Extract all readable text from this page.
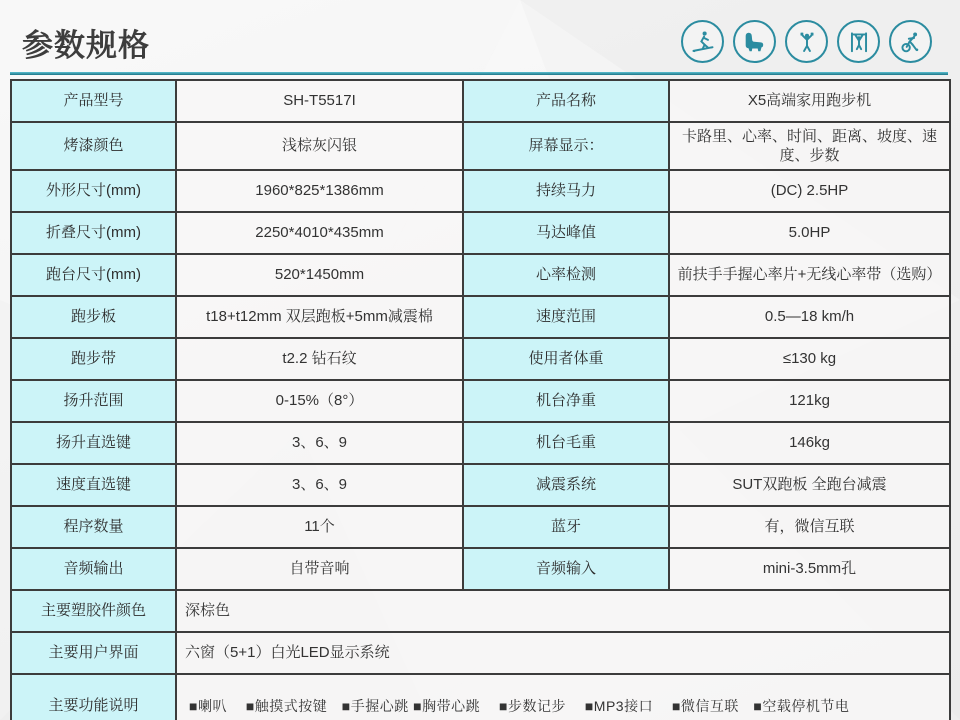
参数规格
产品型号	SH-T5517I	产品名称	X5高端家用跑步机
烤漆颜色	浅棕灰闪银	屏幕显示：	卡路里、心率、时间、距离、坡度、速度、步数
外形尺寸(mm)	1960*825*1386mm	持续马力	(DC) 2.5HP
折叠尺寸(mm)	2250*4010*435mm	马达峰值	5.0HP
跑台尺寸(mm)	520*1450mm	心率检测	前扶手手握心率片+无线心率带（选购）
跑步板	t18+t12mm 双层跑板+5mm减震棉	速度范围	0.5—18 km/h
跑步带	t2.2 钻石纹	使用者体重	≤130 kg
扬升范围	0-15%（8°）	机台净重	121kg
扬升直选键	3、6、9	机台毛重	146kg
速度直选键	3、6、9	减震系统	SUT双跑板 全跑台减震
程序数量	11个	蓝牙	有，微信互联
音频输出	自带音响	音频输入	mini-3.5mm孔
主要塑胶件颜色	深棕色		
主要用户界面	六窗（5+1）白光LED显示系统		
主要功能说明	■喇叭　 ■触摸式按键　■手握心跳 ■胸带心跳　 ■步数记步　 ■MP3接口　 ■微信互联　■空载停机节电		
